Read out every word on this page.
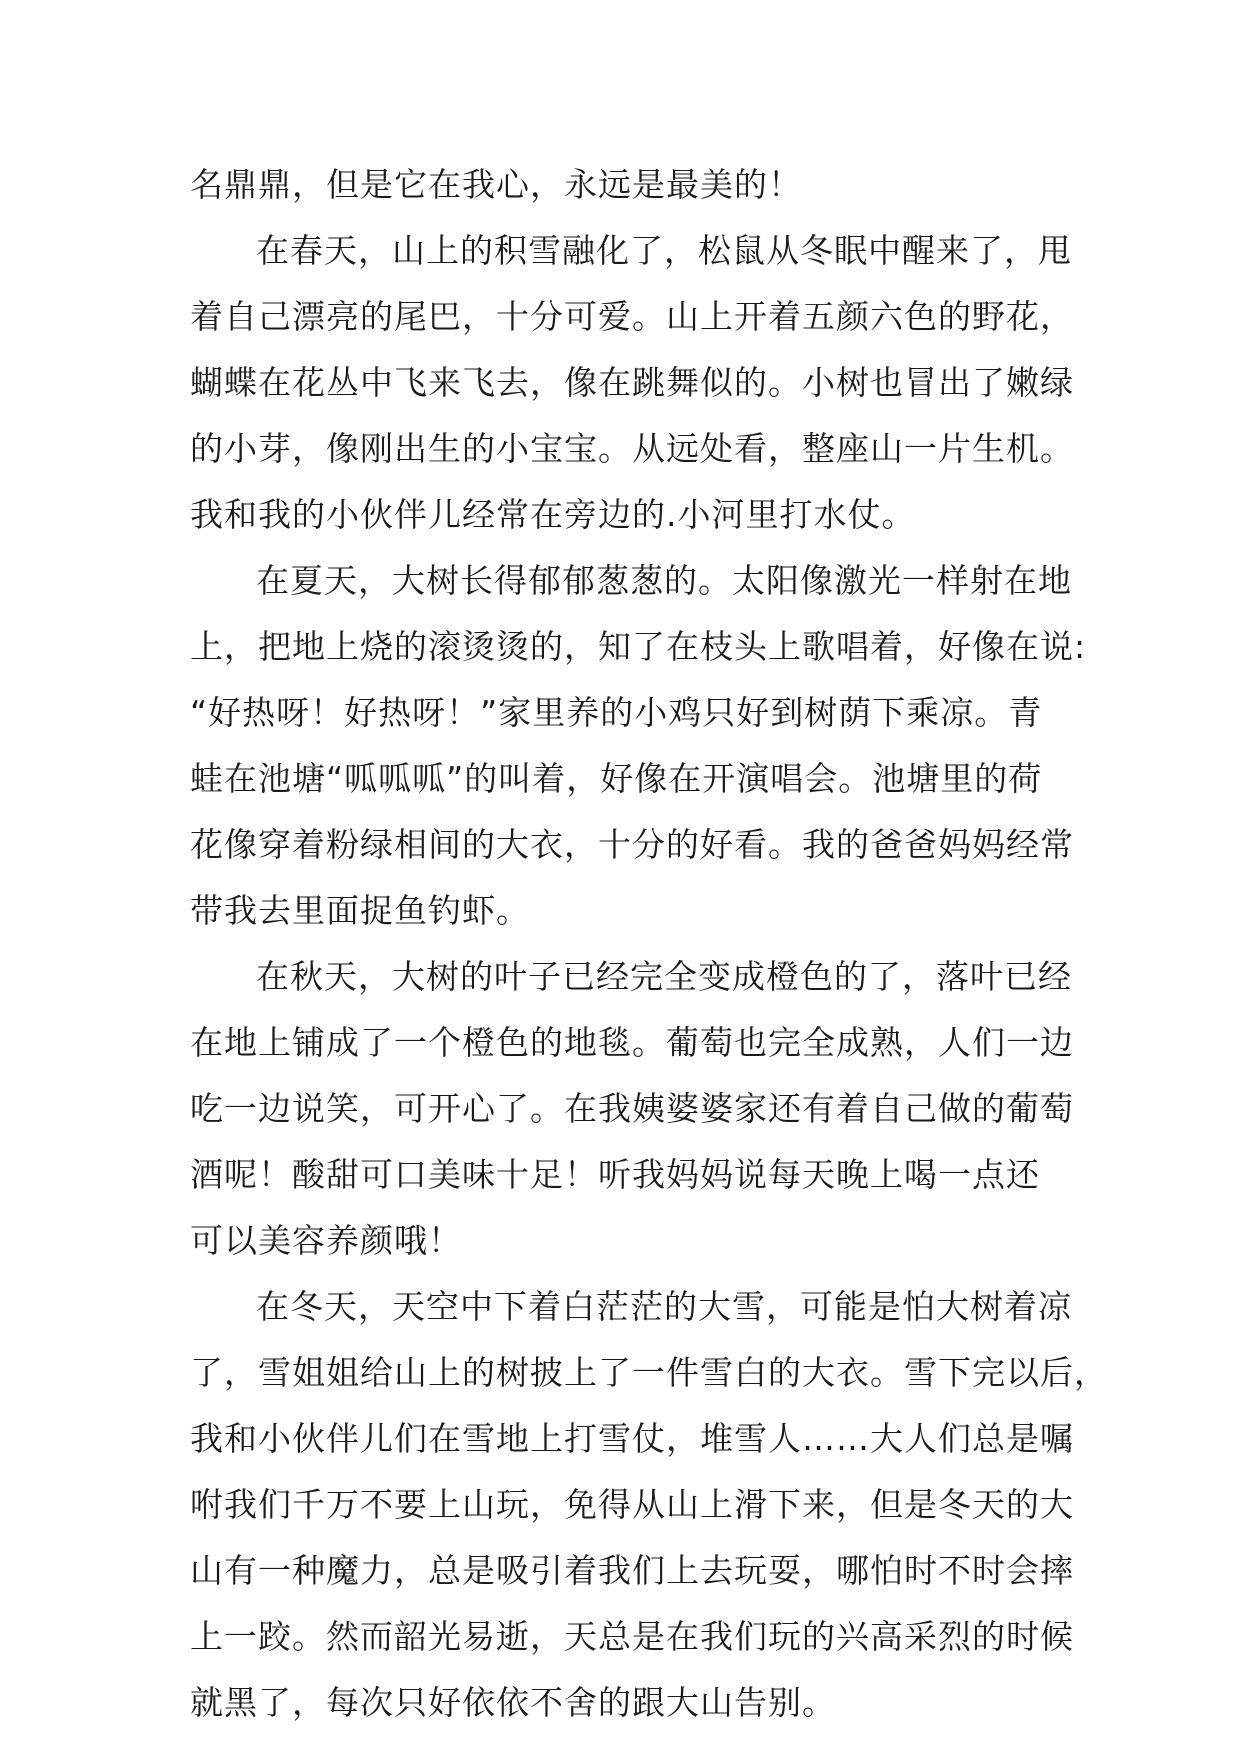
名鼎鼎，但是它在我心，永远是最美的！
在春天，山上的积雪融化了，松鼠从冬眠中醒来了，甩
着自己漂亮的尾巴，十分可爱。山上开着五颜六色的野花，
蝴蝶在花丛中飞来飞去，像在跳舞似的。小树也冒出了嫩绿
的小芽，像刚出生的小宝宝。从远处看，整座山一片生机。
我和我的小伙伴儿经常在旁边的.小河里打水仗。
在夏天，大树长得郁郁葱葱的。太阳像激光一样射在地
上，把地上烧的滚烫烫的，知了在枝头上歌唱着，好像在说:
“好热呀！好热呀！”家里养的小鸡只好到树荫下乘凉。青
蛙在池塘“呱呱呱”的叫着，好像在开演唱会。池塘里的荷
花像穿着粉绿相间的大衣，十分的好看。我的爸爸妈妈经常
带我去里面捉鱼钓虾。
在秋天，大树的叶子已经完全变成橙色的了，落叶已经
在地上铺成了一个橙色的地毯。葡萄也完全成熟，人们一边
吃一边说笑，可开心了。在我姨婆婆家还有着自己做的葡萄
酒呢！酸甜可口美味十足！听我妈妈说每天晚上喝一点还
可以美容养颜哦！
在冬天，天空中下着白茫茫的大雪，可能是怕大树着凉
了，雪姐姐给山上的树披上了一件雪白的大衣。雪下完以后，
我和小伙伴儿们在雪地上打雪仗，堆雪人……大人们总是嘱
咐我们千万不要上山玩，免得从山上滑下来，但是冬天的大
山有一种魔力，总是吸引着我们上去玩耍，哪怕时不时会摔
上一跤。然而韶光易逝，天总是在我们玩的兴高采烈的时候
就黑了，每次只好依依不舍的跟大山告别。
